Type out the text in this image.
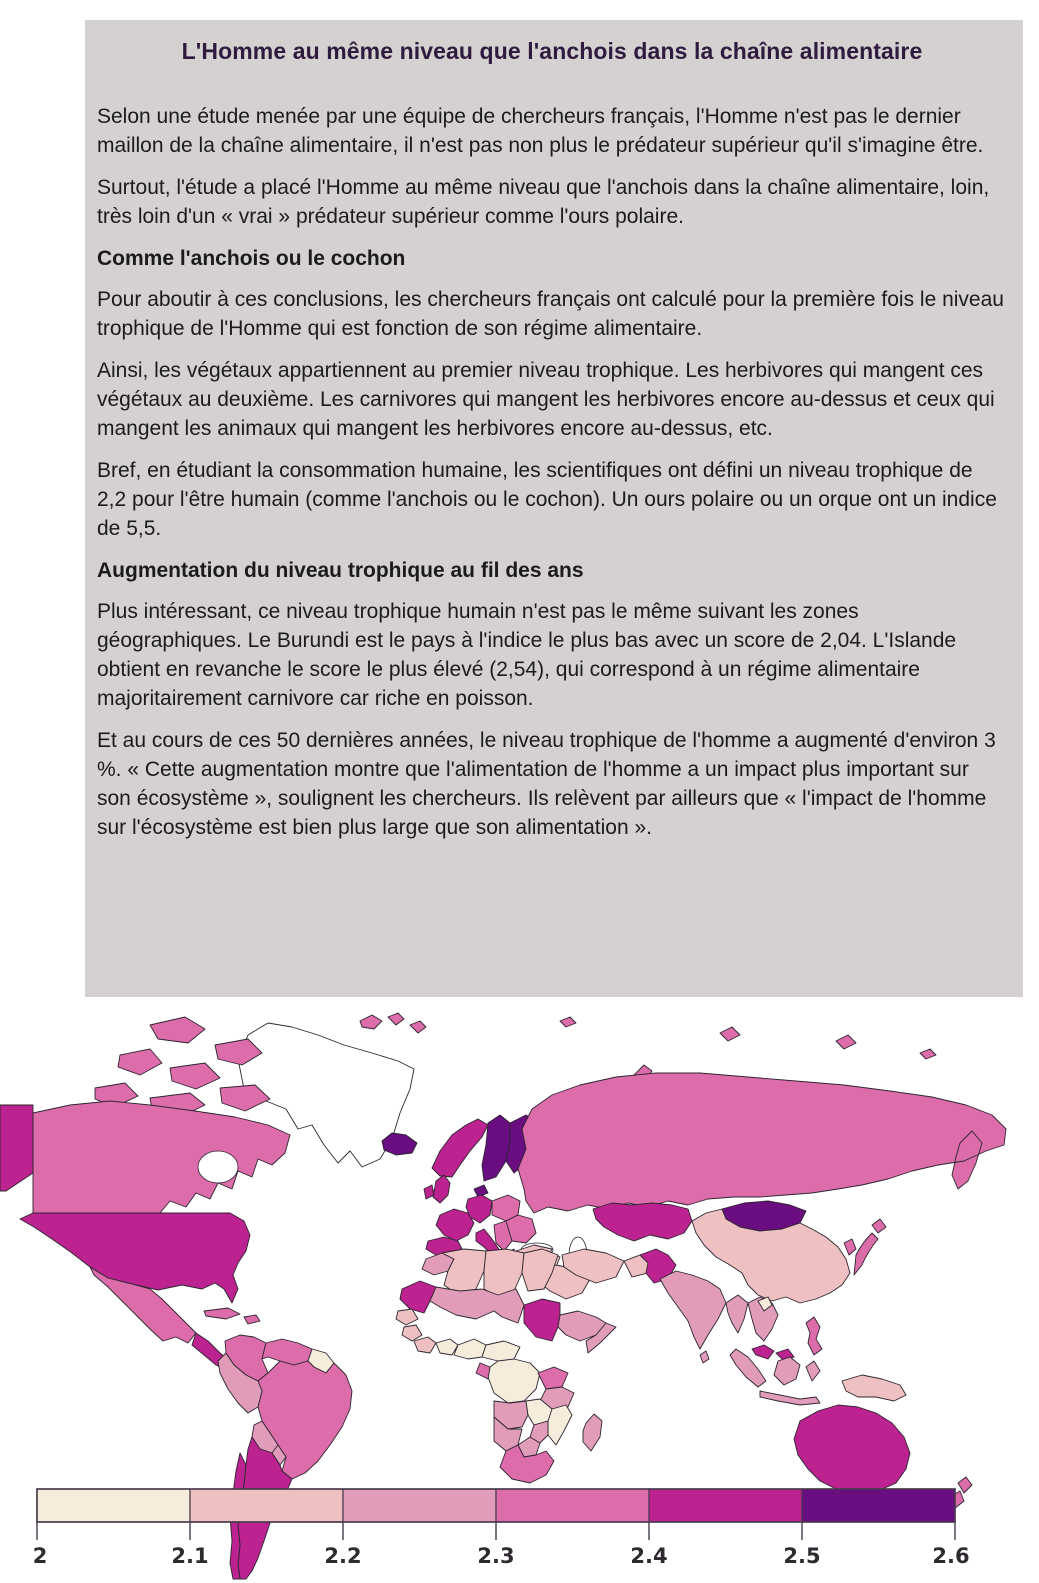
L'Homme au même niveau que l'anchois dans la chaîne alimentaire

Selon une étude menée par une équipe de chercheurs français, l'Homme n'est pas le dernier maillon de la chaîne alimentaire, il n'est pas non plus le prédateur supérieur qu'il s'imagine être.

Surtout, l'étude a placé l'Homme au même niveau que l'anchois dans la chaîne alimentaire, loin, très loin d'un « vrai » prédateur supérieur comme l'ours polaire.

Comme l'anchois ou le cochon

Pour aboutir à ces conclusions, les chercheurs français ont calculé pour la première fois le niveau trophique de l'Homme qui est fonction de son régime alimentaire.

Ainsi, les végétaux appartiennent au premier niveau trophique. Les herbivores qui mangent ces végétaux au deuxième. Les carnivores qui mangent les herbivores encore au-dessus et ceux qui mangent les animaux qui mangent les herbivores encore au-dessus, etc.

Bref, en étudiant la consommation humaine, les scientifiques ont défini un niveau trophique de 2,2 pour l'être humain (comme l'anchois ou le cochon). Un ours polaire ou un orque ont un indice de 5,5.

Augmentation du niveau trophique au fil des ans

Plus intéressant, ce niveau trophique humain n'est pas le même suivant les zones géographiques. Le Burundi est le pays à l'indice le plus bas avec un score de 2,04. L'Islande obtient en revanche le score le plus élevé (2,54), qui correspond à un régime alimentaire majoritairement carnivore car riche en poisson.

Et au cours de ces 50 dernières années, le niveau trophique de l'homme a augmenté d'environ 3 %. « Cette augmentation montre que l'alimentation de l'homme a un impact plus important sur son écosystème », soulignent les chercheurs. Ils relèvent par ailleurs que « l'impact de l'homme sur l'écosystème est bien plus large que son alimentation ».

2	2.1	2.2	2.3	2.4	2.5	2.6
